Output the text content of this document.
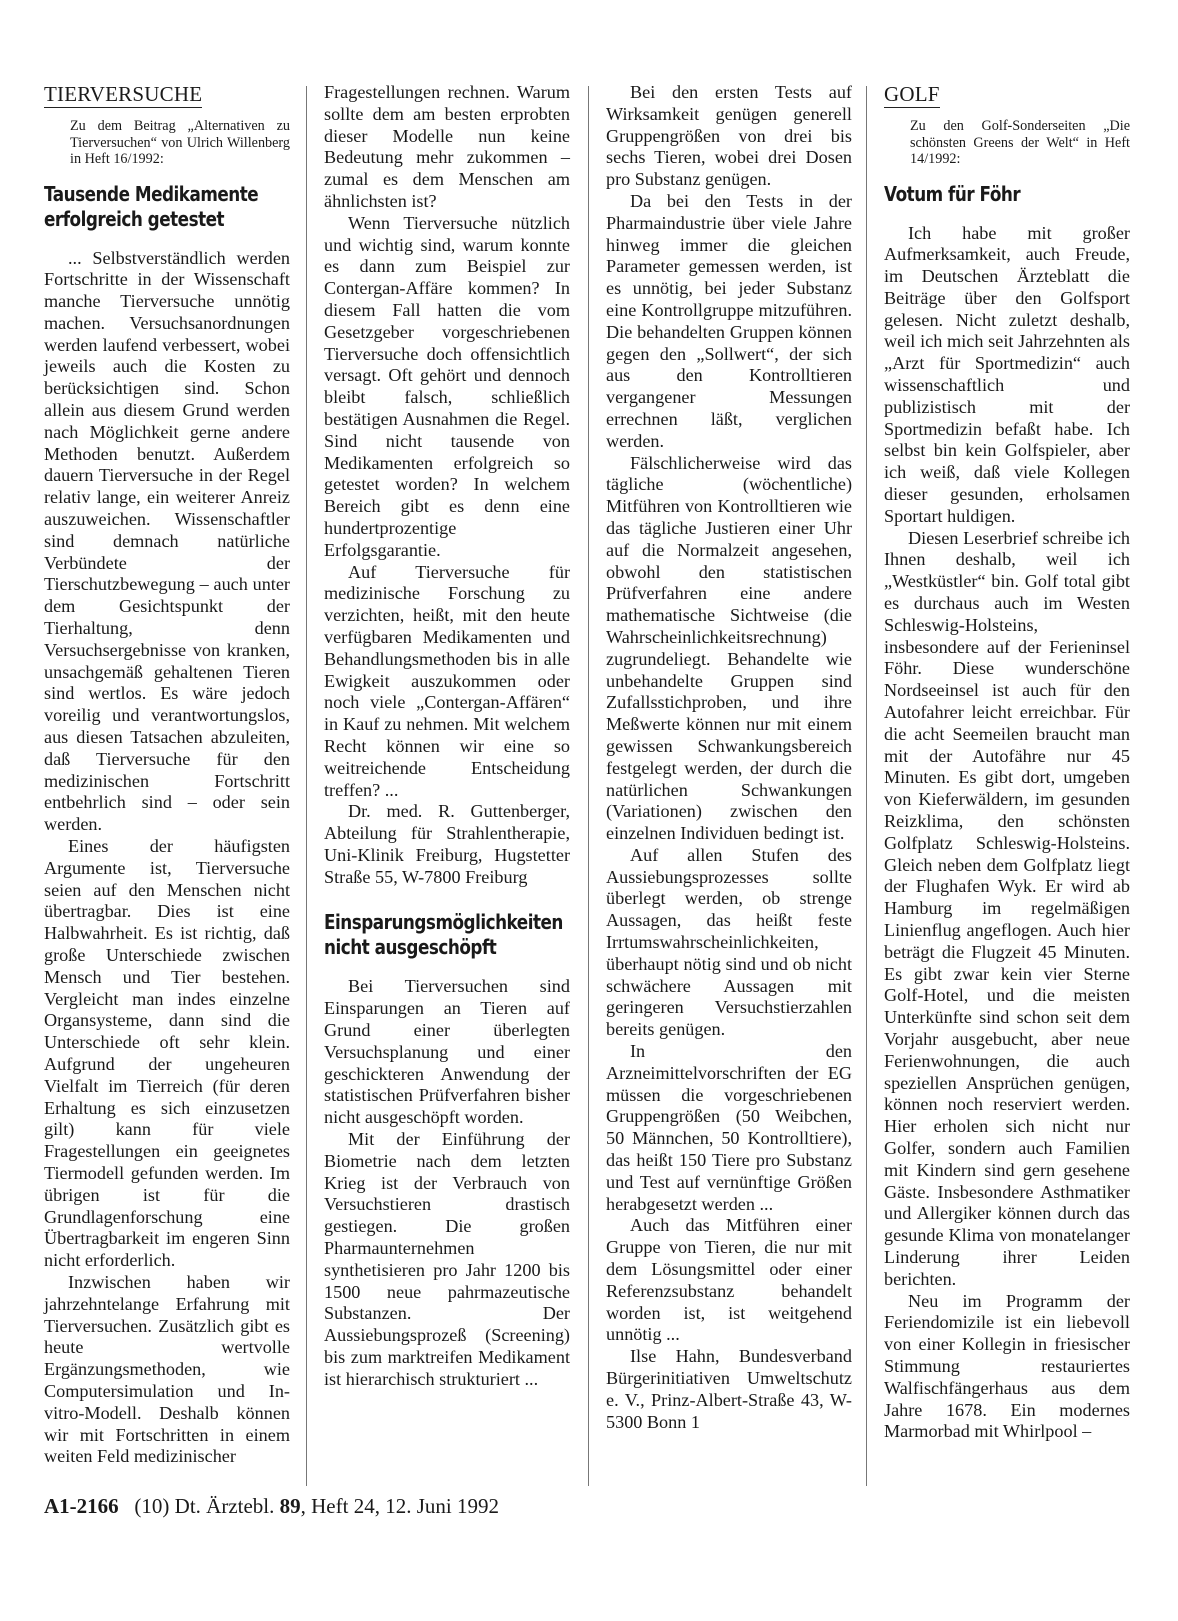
TIERVERSUCHE
Zu dem Beitrag „Alternativen zu Tierversuchen“ von Ulrich Willenberg in Heft 16/1992:
Tausende Medikamente erfolgreich getestet

... Selbstverständlich werden Fortschritte in der Wissenschaft manche Tierversuche unnötig machen. Versuchsanordnungen werden laufend verbessert, wobei jeweils auch die Kosten zu berücksichtigen sind. Schon allein aus diesem Grund werden nach Möglichkeit gerne andere Methoden benutzt. Außerdem dauern Tierversuche in der Regel relativ lange, ein weiterer Anreiz auszuweichen. Wissenschaftler sind demnach natürliche Verbündete der Tierschutzbewegung – auch unter dem Gesichtspunkt der Tierhaltung, denn Versuchsergebnisse von kranken, unsachgemäß gehaltenen Tieren sind wertlos. Es wäre jedoch voreilig und verantwortungslos, aus diesen Tatsachen abzuleiten, daß Tierversuche für den medizinischen Fortschritt entbehrlich sind – oder sein werden.

Eines der häufigsten Argumente ist, Tierversuche seien auf den Menschen nicht übertragbar. Dies ist eine Halbwahrheit. Es ist richtig, daß große Unterschiede zwischen Mensch und Tier bestehen. Vergleicht man indes einzelne Organsysteme, dann sind die Unterschiede oft sehr klein. Aufgrund der ungeheuren Vielfalt im Tierreich (für deren Erhaltung es sich einzusetzen gilt) kann für viele Fragestellungen ein geeignetes Tiermodell gefunden werden. Im übrigen ist für die Grundlagenforschung eine Übertragbarkeit im engeren Sinn nicht erforderlich.

Inzwischen haben wir jahrzehntelange Erfahrung mit Tierversuchen. Zusätzlich gibt es heute wertvolle Ergänzungsmethoden, wie Computersimulation und In-vitro-Modell. Deshalb können wir mit Fortschritten in einem weiten Feld medizinischer

Fragestellungen rechnen. Warum sollte dem am besten erprobten dieser Modelle nun keine Bedeutung mehr zukommen – zumal es dem Menschen am ähnlichsten ist?

Wenn Tierversuche nützlich und wichtig sind, warum konnte es dann zum Beispiel zur Contergan-Affäre kommen? In diesem Fall hatten die vom Gesetzgeber vorgeschriebenen Tierversuche doch offensichtlich versagt. Oft gehört und dennoch bleibt falsch, schließlich bestätigen Ausnahmen die Regel. Sind nicht tausende von Medikamenten erfolgreich so getestet worden? In welchem Bereich gibt es denn eine hundertprozentige Erfolgsgarantie.

Auf Tierversuche für medizinische Forschung zu verzichten, heißt, mit den heute verfügbaren Medikamenten und Behandlungsmethoden bis in alle Ewigkeit auszukommen oder noch viele „Contergan-Affären“ in Kauf zu nehmen. Mit welchem Recht können wir eine so weitreichende Entscheidung treffen? ...

Dr. med. R. Guttenberger, Abteilung für Strahlentherapie, Uni-Klinik Freiburg, Hugstetter Straße 55, W-7800 Freiburg

Einsparungsmöglichkeiten nicht ausgeschöpft

Bei Tierversuchen sind Einsparungen an Tieren auf Grund einer überlegten Versuchsplanung und einer geschickteren Anwendung der statistischen Prüfverfahren bisher nicht ausgeschöpft worden.

Mit der Einführung der Biometrie nach dem letzten Krieg ist der Verbrauch von Versuchstieren drastisch gestiegen. Die großen Pharmaunternehmen synthetisieren pro Jahr 1200 bis 1500 neue pahrmazeutische Substanzen. Der Aussiebungsprozeß (Screening) bis zum marktreifen Medikament ist hierarchisch strukturiert ...

Bei den ersten Tests auf Wirksamkeit genügen generell Gruppengrößen von drei bis sechs Tieren, wobei drei Dosen pro Substanz genügen.

Da bei den Tests in der Pharmaindustrie über viele Jahre hinweg immer die gleichen Parameter gemessen werden, ist es unnötig, bei jeder Substanz eine Kontrollgruppe mitzuführen. Die behandelten Gruppen können gegen den „Sollwert“, der sich aus den Kontrolltieren vergangener Messungen errechnen läßt, verglichen werden.

Fälschlicherweise wird das tägliche (wöchentliche) Mitführen von Kontrolltieren wie das tägliche Justieren einer Uhr auf die Normalzeit angesehen, obwohl den statistischen Prüfverfahren eine andere mathematische Sichtweise (die Wahrscheinlichkeitsrechnung) zugrundeliegt. Behandelte wie unbehandelte Gruppen sind Zufallsstichproben, und ihre Meßwerte können nur mit einem gewissen Schwankungsbereich festgelegt werden, der durch die natürlichen Schwankungen (Variationen) zwischen den einzelnen Individuen bedingt ist.

Auf allen Stufen des Aussiebungsprozesses sollte überlegt werden, ob strenge Aussagen, das heißt feste Irrtumswahrscheinlichkeiten, überhaupt nötig sind und ob nicht schwächere Aussagen mit geringeren Versuchstierzahlen bereits genügen.

In den Arzneimittelvorschriften der EG müssen die vorgeschriebenen Gruppengrößen (50 Weibchen, 50 Männchen, 50 Kontrolltiere), das heißt 150 Tiere pro Substanz und Test auf vernünftige Größen herabgesetzt werden ...

Auch das Mitführen einer Gruppe von Tieren, die nur mit dem Lösungsmittel oder einer Referenzsubstanz behandelt worden ist, ist weitgehend unnötig ...

Ilse Hahn, Bundesverband Bürgerinitiativen Umweltschutz e. V., Prinz-Albert-Straße 43, W-5300 Bonn 1

GOLF
Zu den Golf-Sonderseiten „Die schönsten Greens der Welt“ in Heft 14/1992:
Votum für Föhr

Ich habe mit großer Aufmerksamkeit, auch Freude, im Deutschen Ärzteblatt die Beiträge über den Golfsport gelesen. Nicht zuletzt deshalb, weil ich mich seit Jahrzehnten als „Arzt für Sportmedizin“ auch wissenschaftlich und publizistisch mit der Sportmedizin befaßt habe. Ich selbst bin kein Golfspieler, aber ich weiß, daß viele Kollegen dieser gesunden, erholsamen Sportart huldigen.

Diesen Leserbrief schreibe ich Ihnen deshalb, weil ich „Westküstler“ bin. Golf total gibt es durchaus auch im Westen Schleswig-Holsteins, insbesondere auf der Ferieninsel Föhr. Diese wunderschöne Nordseeinsel ist auch für den Autofahrer leicht erreichbar. Für die acht Seemeilen braucht man mit der Autofähre nur 45 Minuten. Es gibt dort, umgeben von Kieferwäldern, im gesunden Reizklima, den schönsten Golfplatz Schleswig-Holsteins. Gleich neben dem Golfplatz liegt der Flughafen Wyk. Er wird ab Hamburg im regelmäßigen Linienflug angeflogen. Auch hier beträgt die Flugzeit 45 Minuten. Es gibt zwar kein vier Sterne Golf-Hotel, und die meisten Unterkünfte sind schon seit dem Vorjahr ausgebucht, aber neue Ferienwohnungen, die auch speziellen Ansprüchen genügen, können noch reserviert werden. Hier erholen sich nicht nur Golfer, sondern auch Familien mit Kindern sind gern gesehene Gäste. Insbesondere Asthmatiker und Allergiker können durch das gesunde Klima von monatelanger Linderung ihrer Leiden berichten.

Neu im Programm der Feriendomizile ist ein liebevoll von einer Kollegin in friesischer Stimmung restauriertes Walfischfängerhaus aus dem Jahre 1678. Ein modernes Marmorbad mit Whirlpool –

A1-2166 (10) Dt. Ärztebl. 89, Heft 24, 12. Juni 1992
